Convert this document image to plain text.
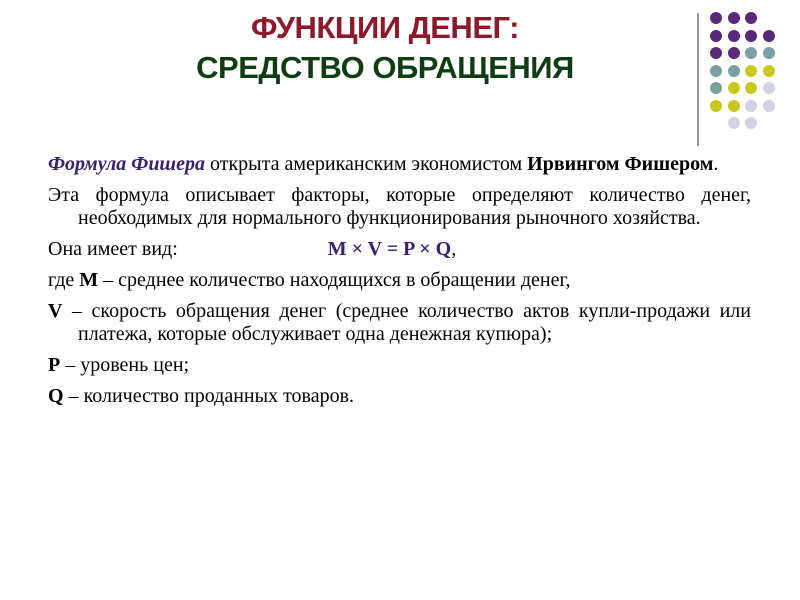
ФУНКЦИИ ДЕНЕГ:
СРЕДСТВО ОБРАЩЕНИЯ

Формула Фишера открыта американским экономистом Ирвингом Фишером.

Эта формула описывает факторы, которые определяют количество денег, необходимых для нормального функционирования рыночного хозяйства.

Она имеет вид:	M × V = P × Q,

где M – среднее количество находящихся в обращении денег,

V – скорость обращения денег (среднее количество актов купли-продажи или платежа, которые обслуживает одна денежная купюра);

P – уровень цен;

Q – количество проданных товаров.
